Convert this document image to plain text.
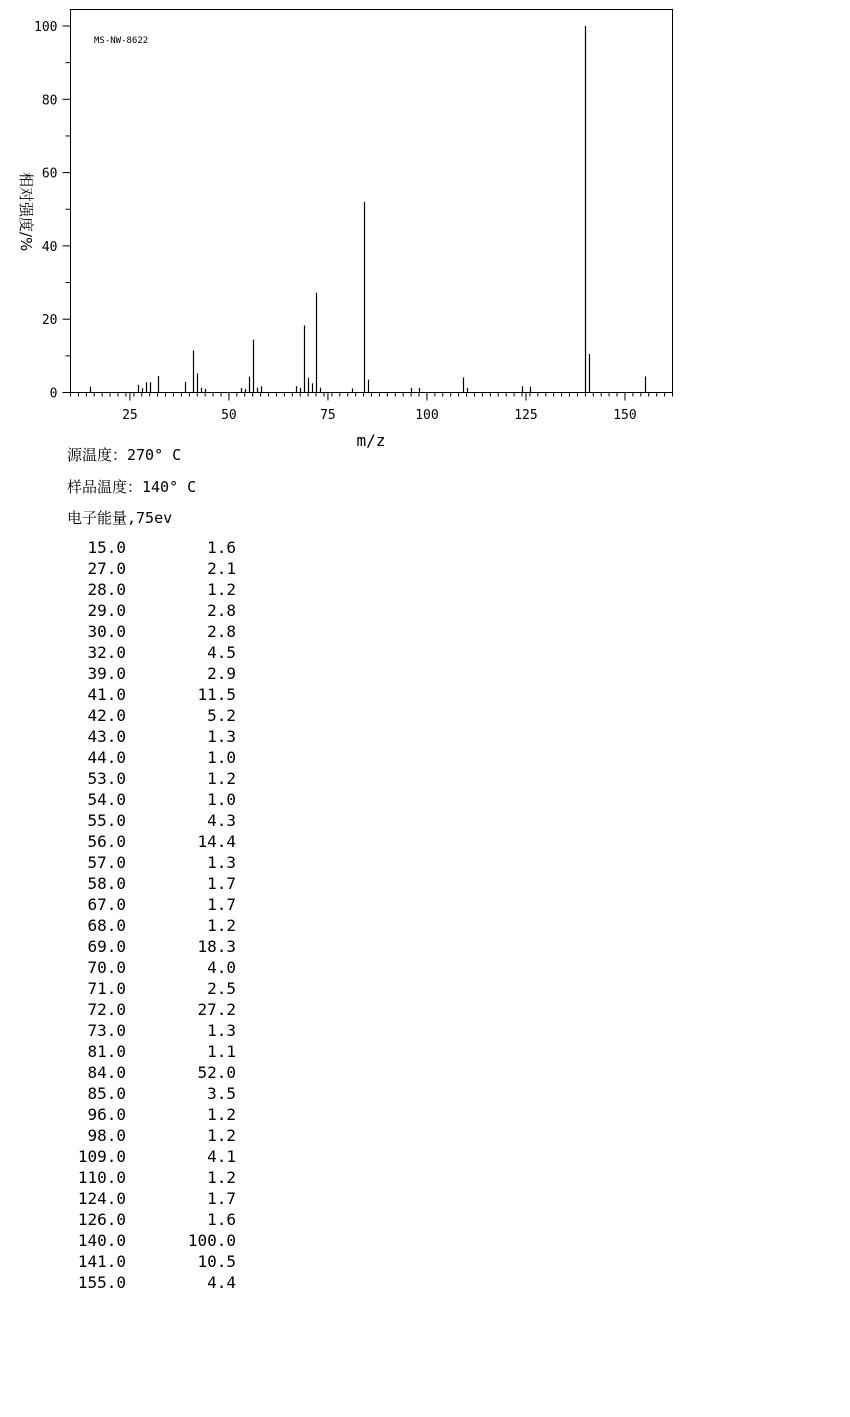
25	50	75	100	125	150
0
20
40
60
80
100
MS-NW-8622
m/z
相对强度/%
源温度：270° C
样品温度：140° C
电子能量,75ev
15.0	1.6
27.0	2.1
28.0	1.2
29.0	2.8
30.0	2.8
32.0	4.5
39.0	2.9
41.0	11.5
42.0	5.2
43.0	1.3
44.0	1.0
53.0	1.2
54.0	1.0
55.0	4.3
56.0	14.4
57.0	1.3
58.0	1.7
67.0	1.7
68.0	1.2
69.0	18.3
70.0	4.0
71.0	2.5
72.0	27.2
73.0	1.3
81.0	1.1
84.0	52.0
85.0	3.5
96.0	1.2
98.0	1.2
109.0	4.1
110.0	1.2
124.0	1.7
126.0	1.6
140.0	100.0
141.0	10.5
155.0	4.4
